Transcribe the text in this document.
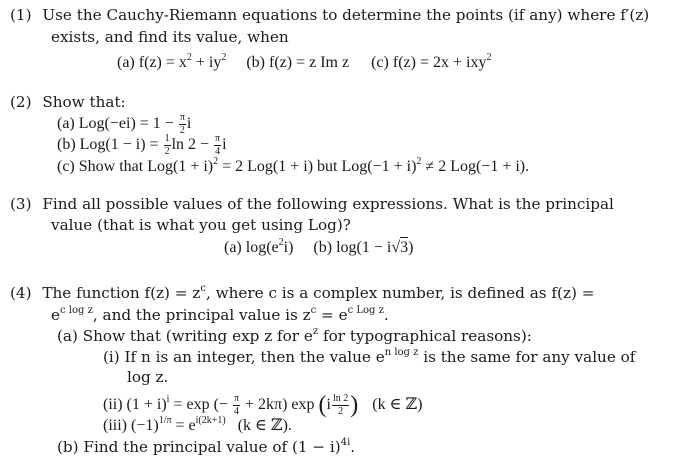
(1) Use the Cauchy-Riemann equations to determine the points (if any) where f′(z)
exists, and find its value, when
(a) $f(z) = x^2 + iy^2$ (b) f(z) = z Im z (c) f(z) = 2x + ixy$^2$
(2) Show that:
(a) $Log(-ei) = 1 - \frac{\pi}{2}$ i
(b) $Log(1 - i) = \frac{1}{2}$ $\ln 2 - \frac{\pi}{4}$ i
(c) Show that $Log(1 + i)^2 = 2$ Log(1 + i) but $Log(-1 + i)^2 \ne 2$ Log(−1 + i).
(3) Find all possible values of the following expressions. What is the principal
value (that is what you get using Log)?
(a) $\log(e^2i)$ (b) log(1 − i√3)
(4) The function $f(z) = z^c$, where c is a complex number, is defined as f(z) =
$e^{c log z}$, and the principal value is $z^c = e^{c Log z}$.
(a) Show that (writing exp z for $e^z$ for typographical reasons):
(i) If n is an integer, then the value $e^{n log z}$ is the same for any value of
log z.
(ii) $(1 + i)^i = \exp$ (− $\frac{\pi}{4} + 2k\pi$) $\exp (i \frac{\ln 2}{2}$ ) (k ∈ ℤ)
(iii) $(-1)^{1/\pi} = e^{i(2k+1)}$ (k ∈ ℤ).
(b) Find the principal value of $(1 - i)^{4i}$.
